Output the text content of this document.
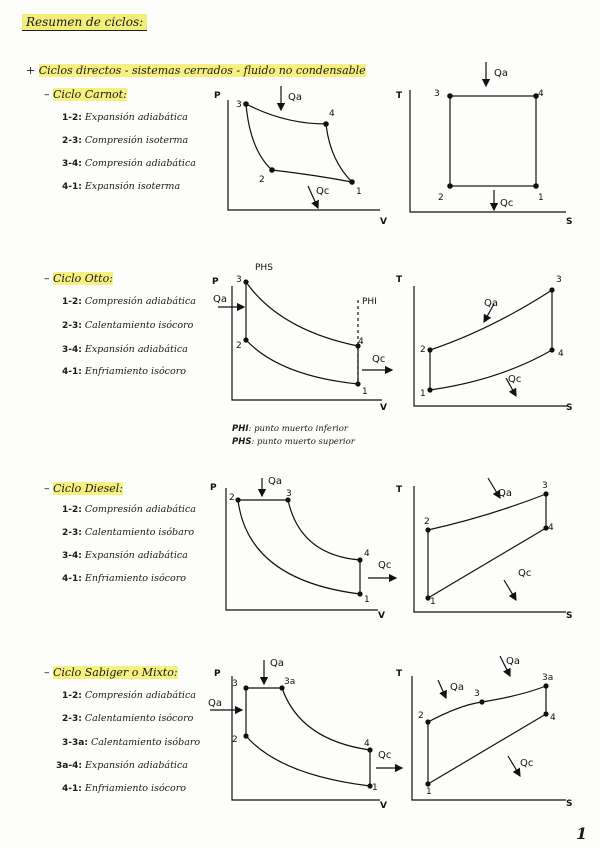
Resumen de ciclos:
+ Ciclos directos - sistemas cerrados - fluido no condensable
– Ciclo Carnot:
1-2: Expansión adiabática
2-3: Compresión isoterma
3-4: Compresión adiabática
4-1: Expansión isoterma
– Ciclo Otto:
1-2: Compresión adiabática
2-3: Calentamiento isócoro
3-4: Expansión adiabática
4-1: Enfriamiento isócoro
PHI: punto muerto inferior
PHS: punto muerto superior
– Ciclo Diesel:
1-2: Compresión adiabática
2-3: Calentamiento isóbaro
3-4: Expansión adiabática
4-1: Enfriamiento isócoro
– Ciclo Sabiger o Mixto:
1-2: Compresión adiabática
2-3: Calentamiento isócoro
3-3a: Calentamiento isóbaro
3a-4: Expansión adiabática
4-1: Enfriamiento isócoro
1
P
V
3
4
2
1
Qa
Qc
T
S
3	4
2	1
Qa
Qc
P
V
PHS
PHI
3
2	4
1
Qa
Qc
T
S
2
3
4
1
Qa
Qc
P
V
2	3
4
1
Qa
Qc
T
S
2
3
4
1
Qa
Qc
P
V
3	3a
2	4
1
Qa
Qa
Qc
T
S
2
3
3a
4
1
Qa
Qa
Qc
